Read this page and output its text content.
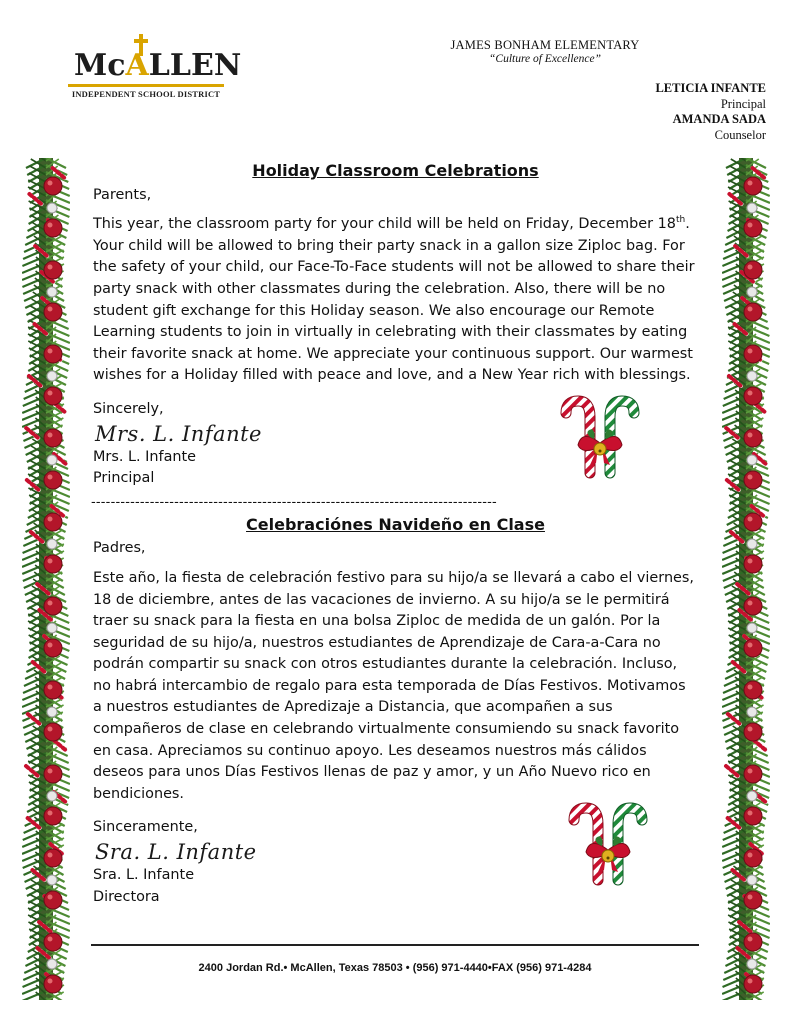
McALLEN
INDEPENDENT SCHOOL DISTRICT
JAMES BONHAM ELEMENTARY
“Culture of Excellence”
LETICIA INFANTE
Principal
AMANDA SADA
Counselor
Holiday Classroom Celebrations

Parents,

This year, the classroom party for your child will be held on Friday, December 18th. Your child will be allowed to bring their party snack in a gallon size Ziploc bag. For the safety of your child, our Face-To-Face students will not be allowed to share their party snack with other classmates during the celebration. Also, there will be no student gift exchange for this Holiday season. We also encourage our Remote Learning students to join in virtually in celebrating with their classmates by eating their favorite snack at home. We appreciate your continuous support. Our warmest wishes for a Holiday filled with peace and love, and a New Year rich with blessings.

Sincerely,

Mrs. L. Infante

Mrs. L. Infante

Principal

-----------------------------------------------------------------------------------
Celebraciónes Navideño en Clase

Padres,

Este año, la fiesta de celebración festivo para su hijo/a se llevará a cabo el viernes, 18 de diciembre, antes de las vacaciones de invierno. A su hijo/a se le permitirá traer su snack para la fiesta en una bolsa Ziploc de medida de un galón. Por la seguridad de su hijo/a, nuestros estudiantes de Aprendizaje de Cara-a-Cara no podrán compartir su snack con otros estudiantes durante la celebración. Incluso, no habrá intercambio de regalo para esta temporada de Días Festivos. Motivamos a nuestros estudiantes de Apredizaje a Distancia, que acompañen a sus compañeros de clase en celebrando virtualmente consumiendo su snack favorito en casa. Apreciamos su continuo apoyo. Les deseamos nuestros más cálidos deseos para unos Días Festivos llenas de paz y amor, y un Año Nuevo rico en bendiciones.

Sinceramente,

Sra. L. Infante

Sra. L. Infante

Directora

2400 Jordan Rd.• McAllen, Texas 78503 • (956) 971-4440•FAX (956) 971-4284
